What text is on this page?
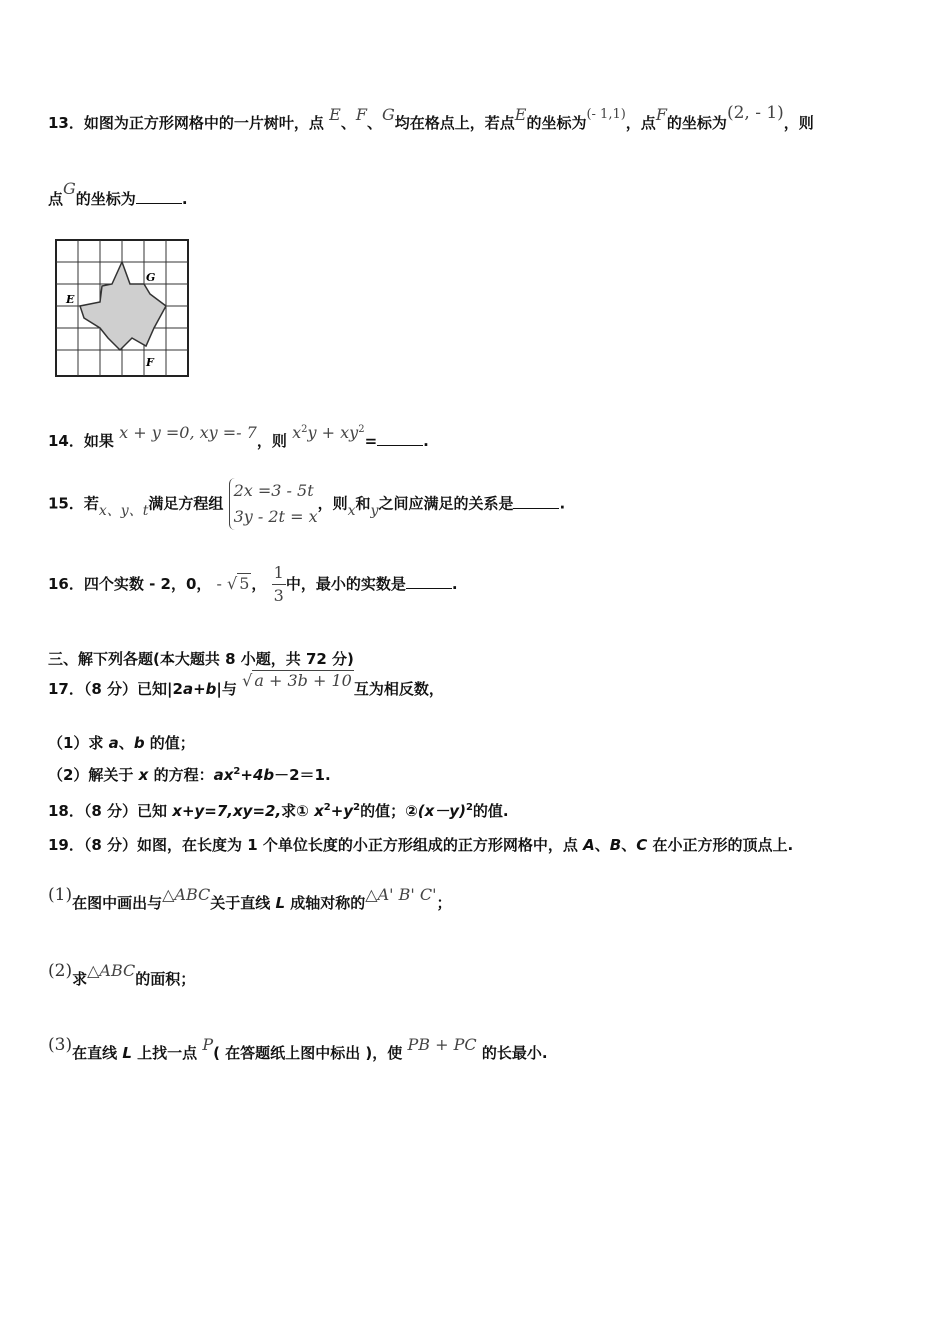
13．如图为正方形网格中的一片树叶，点 E、F、G均在格点上，若点E的坐标为(- 1,1)，点F的坐标为(2, - 1)，则
点G的坐标为	.
G
E
F
14．如果 x + y =0, xy =- 7，则 $x^2y + xy^2=$	.
15．若x、y、t满足方程组
2x =3 - 5t
3y - 2t = x
，则x和y之间应满足的关系是	.
16．四个实数 - 2，0， - √ 5 ， $\frac{1}{3}$ 中，最小的实数是	.
三、解下列各题(本大题共 8 小题，共 72 分)
17．（8 分）已知|2a+b|与 √ a + 3b + 10 互为相反数，
（1）求 a、b 的值；
（2）解关于 x 的方程：$ax^2+4b-2=1$.
18．（8 分）已知 x+y=7,xy=2,求① $x^2+y^2$的值；$②(x-y)^2$的值.
19．（8 分）如图，在长度为 1 个单位长度的小正方形组成的正方形网格中，点 A、B、C 在小正方形的顶点上.
(1)在图中画出与△ABC关于直线 L 成轴对称的△A' B' C'；
(2)求△ABC的面积；
(3)在直线 L 上找一点 P( 在答题纸上图中标出 )，使 PB + PC 的长最小.
